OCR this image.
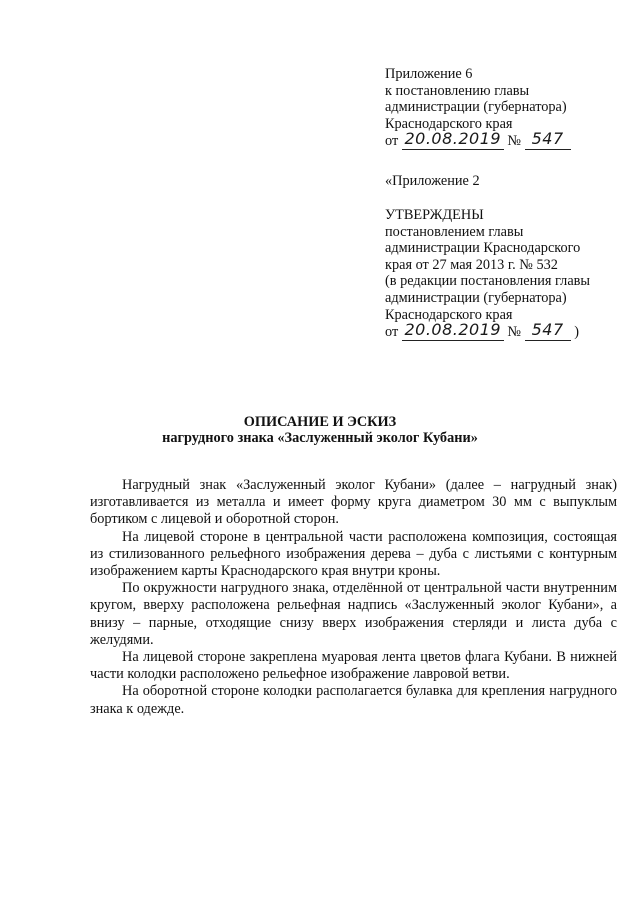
Приложение 6
к постановлению главы
администрации (губернатора)
Краснодарского края
от 20.08.2019 № 547
«Приложение 2
УТВЕРЖДЕНЫ
постановлением главы
администрации Краснодарского
края от 27 мая 2013 г. № 532
(в редакции постановления главы
администрации (губернатора)
Краснодарского края
от 20.08.2019 № 547 )
ОПИСАНИЕ И ЭСКИЗ
нагрудного знака «Заслуженный эколог Кубани»

Нагрудный знак «Заслуженный эколог Кубани» (далее – нагрудный знак) изготавливается из металла и имеет форму круга диаметром 30 мм с выпуклым бортиком с лицевой и оборотной сторон.

На лицевой стороне в центральной части расположена композиция, состоящая из стилизованного рельефного изображения дерева – дуба с листьями с контурным изображением карты Краснодарского края внутри кроны.

По окружности нагрудного знака, отделённой от центральной части внутренним кругом, вверху расположена рельефная надпись «Заслуженный эколог Кубани», а внизу – парные, отходящие снизу вверх изображения стерляди и листа дуба с желудями.

На лицевой стороне закреплена муаровая лента цветов флага Кубани. В нижней части колодки расположено рельефное изображение лавровой ветви.

На оборотной стороне колодки располагается булавка для крепления нагрудного знака к одежде.
